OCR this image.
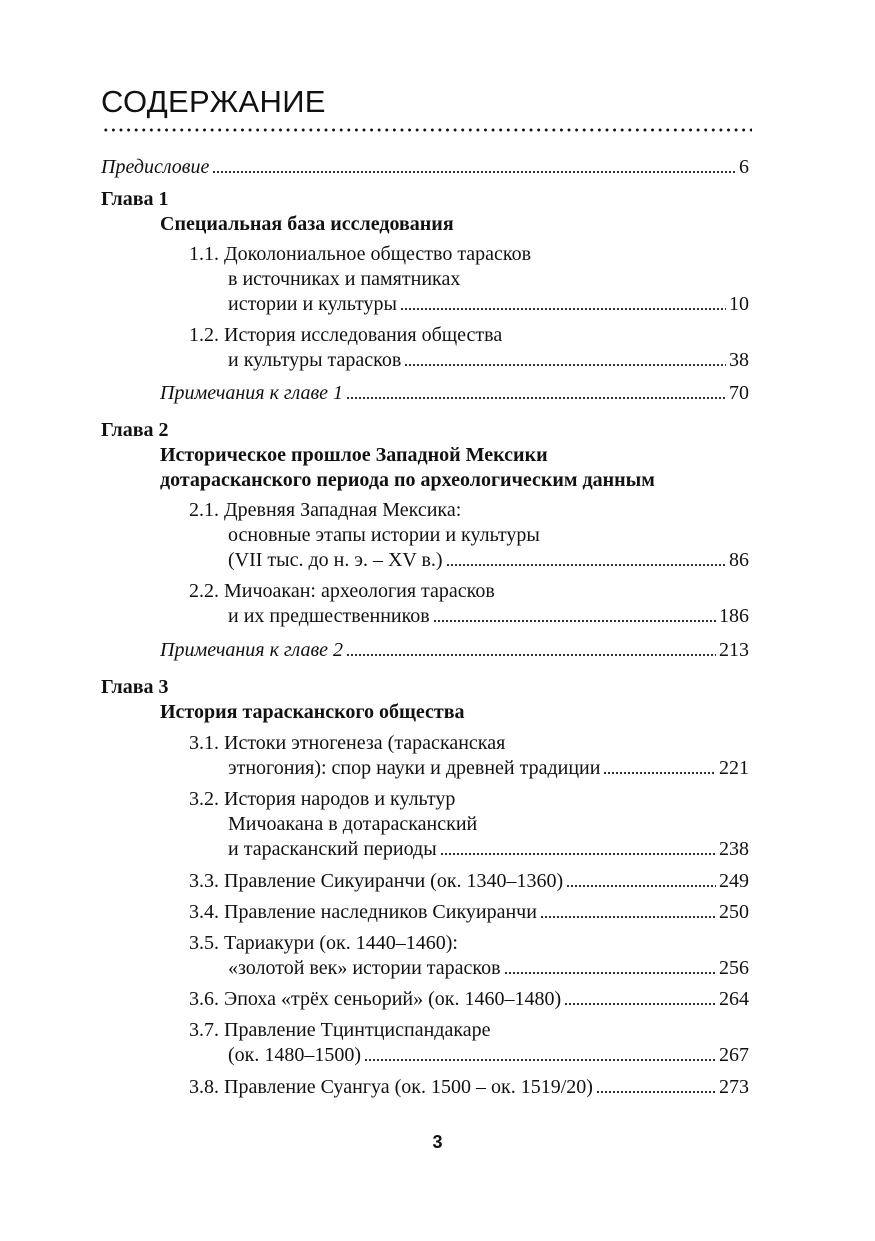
СОДЕРЖАНИЕ
Предисловие	6
Глава 1
Специальная база исследования
1.1. Доколониальное общество тарасков
в источниках и памятниках
истории и культуры	10
1.2. История исследования общества
и культуры тарасков	38
Примечания к главе 1	70
Глава 2
Историческое прошлое Западной Мексики
дотарасканского периода по археологическим данным
2.1. Древняя Западная Мексика:
основные этапы истории и культуры
(VII тыс. до н. э. – XV в.)	86
2.2. Мичоакан: археология тарасков
и их предшественников	186
Примечания к главе 2	213
Глава 3
История тарасканского общества
3.1. Истоки этногенеза (тарасканская
этногония): спор науки и древней традиции	221
3.2. История народов и культур
Мичоакана в дотарасканский
и тарасканский периоды	238
3.3. Правление Сикуиранчи (ок. 1340–1360)	249
3.4. Правление наследников Сикуиранчи	250
3.5. Тариакури (ок. 1440–1460):
«золотой век» истории тарасков	256
3.6. Эпоха «трёх сеньорий» (ок. 1460–1480)	264
3.7. Правление Тцинтциспандакаре
(ок. 1480–1500)	267
3.8. Правление Суангуа (ок. 1500 – ок. 1519/20)	273
3
